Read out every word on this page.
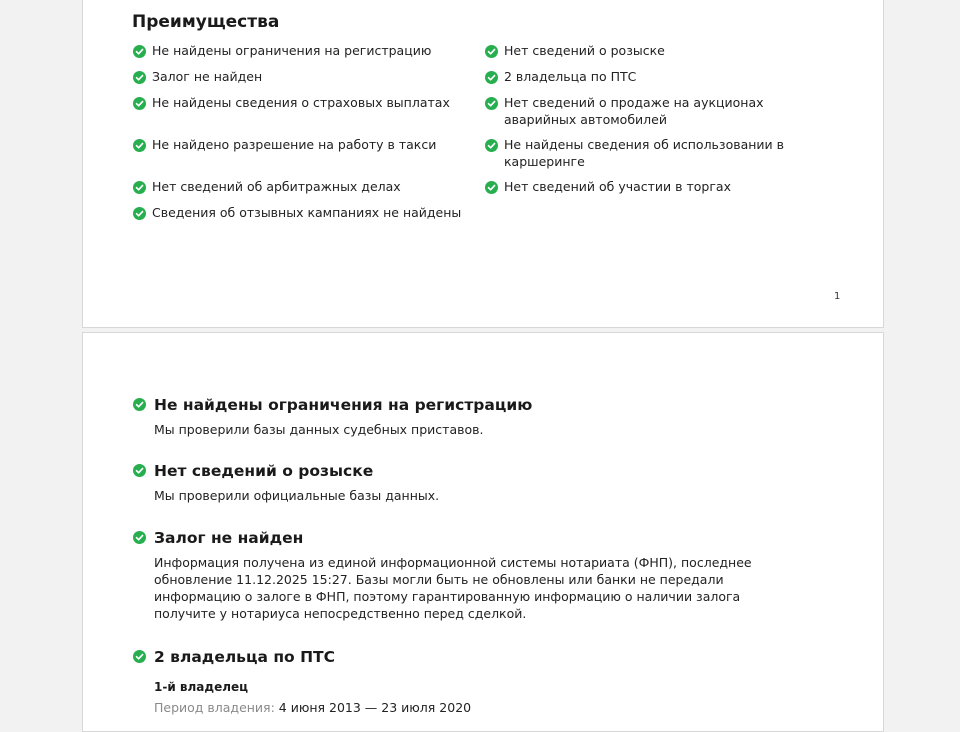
Преимущества
Не найдены ограничения на регистрацию
Залог не найден
Не найдены сведения о страховых выплатах
Не найдено разрешение на работу в такси
Нет сведений об арбитражных делах
Сведения об отзывных кампаниях не найдены
Нет сведений о розыске
2 владельца по ПТС
Нет сведений о продаже на аукционах аварийных автомобилей
Не найдены сведения об использовании в каршеринге
Нет сведений об участии в торгах
1
Не найдены ограничения на регистрацию

Мы проверили базы данных судебных приставов.

Нет сведений о розыске

Мы проверили официальные базы данных.

Залог не найден

Информация получена из единой информационной системы нотариата (ФНП), последнее обновление 11.12.2025 15:27. Базы могли быть не обновлены или банки не передали информацию о залоге в ФНП, поэтому гарантированную информацию о наличии залога получите у нотариуса непосредственно перед сделкой.

2 владельца по ПТС
1-й владелец
Период владения: 4 июня 2013 — 23 июля 2020
